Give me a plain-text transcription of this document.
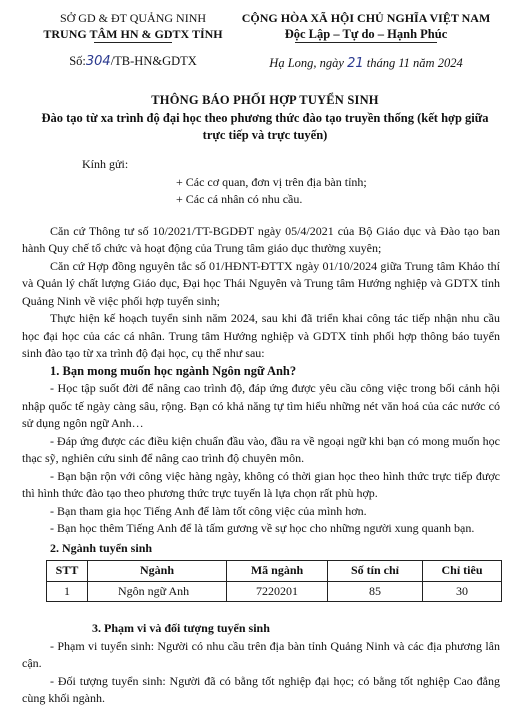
SỞ GD & ĐT QUẢNG NINH
TRUNG TÂM HN & GDTX TỈNH
Số:304/TB-HN&GDTX
CỘNG HÒA XÃ HỘI CHỦ NGHĨA VIỆT NAM
Độc Lập – Tự do – Hạnh Phúc
Hạ Long, ngày 21 tháng 11 năm 2024
THÔNG BÁO PHỐI HỢP TUYỂN SINH
Đào tạo từ xa trình độ đại học theo phương thức đào tạo truyền thống (kết hợp giữa trực tiếp và trực tuyến)
Kính gửi:
+ Các cơ quan, đơn vị trên địa bàn tỉnh;
+ Các cá nhân có nhu cầu.

Căn cứ Thông tư số 10/2021/TT-BGDĐT ngày 05/4/2021 của Bộ Giáo dục và Đào tạo ban hành Quy chế tổ chức và hoạt động của Trung tâm giáo dục thường xuyên;

Căn cứ Hợp đồng nguyên tắc số 01/HĐNT-ĐTTX ngày 01/10/2024 giữa Trung tâm Khảo thí và Quản lý chất lượng Giáo dục, Đại học Thái Nguyên và Trung tâm Hướng nghiệp và GDTX tỉnh Quảng Ninh về việc phối hợp tuyển sinh;

Thực hiện kế hoạch tuyển sinh năm 2024, sau khi đã triển khai công tác tiếp nhận nhu cầu học đại học của các cá nhân. Trung tâm Hướng nghiệp và GDTX tỉnh phối hợp thông báo tuyển sinh đào tạo từ xa trình độ đại học, cụ thể như sau:

1. Bạn mong muốn học ngành Ngôn ngữ Anh?

- Học tập suốt đời để nâng cao trình độ, đáp ứng được yêu cầu công việc trong bối cảnh hội nhập quốc tế ngày càng sâu, rộng. Bạn có khả năng tự tìm hiểu những nét văn hoá của các nước có sử dụng ngôn ngữ Anh…

- Đáp ứng được các điều kiện chuẩn đầu vào, đầu ra về ngoại ngữ khi bạn có mong muốn học thạc sỹ, nghiên cứu sinh để nâng cao trình độ chuyên môn.

- Bạn bận rộn với công việc hàng ngày, không có thời gian học theo hình thức trực tiếp được thì hình thức đào tạo theo phương thức trực tuyến là lựa chọn rất phù hợp.

- Bạn tham gia học Tiếng Anh để làm tốt công việc của mình hơn.

- Bạn học thêm Tiếng Anh để là tấm gương về sự học cho những người xung quanh bạn.

2. Ngành tuyển sinh
STT	Ngành	Mã ngành	Số tín chỉ	Chỉ tiêu
1	Ngôn ngữ Anh	7220201	85	30
3. Phạm vi và đối tượng tuyển sinh

- Phạm vi tuyển sinh: Người có nhu cầu trên địa bàn tỉnh Quảng Ninh và các địa phương lân cận.

- Đối tượng tuyển sinh: Người đã có bằng tốt nghiệp đại học; có bằng tốt nghiệp Cao đẳng cùng khối ngành.
